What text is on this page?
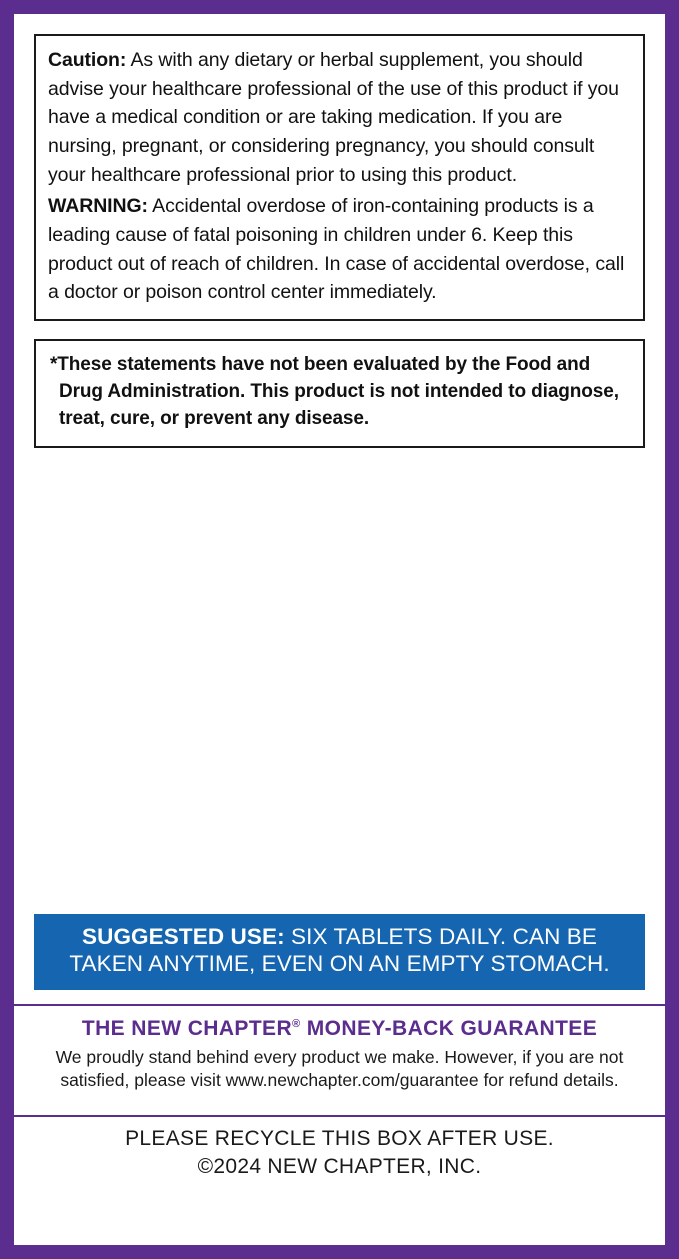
Caution: As with any dietary or herbal supplement, you should advise your healthcare professional of the use of this product if you have a medical condition or are taking medication. If you are nursing, pregnant, or considering pregnancy, you should consult your healthcare professional prior to using this product.

WARNING: Accidental overdose of iron-containing products is a leading cause of fatal poisoning in children under 6. Keep this product out of reach of children. In case of accidental overdose, call a doctor or poison control center immediately.

*These statements have not been evaluated by the Food and Drug Administration. This product is not intended to diagnose, treat, cure, or prevent any disease.

SUGGESTED USE: SIX TABLETS DAILY. CAN BE TAKEN ANYTIME, EVEN ON AN EMPTY STOMACH.
THE NEW CHAPTER® MONEY-BACK GUARANTEE
We proudly stand behind every product we make. However, if you are not
satisfied, please visit www.newchapter.com/guarantee for refund details.
PLEASE RECYCLE THIS BOX AFTER USE.
©2024 NEW CHAPTER, INC.
